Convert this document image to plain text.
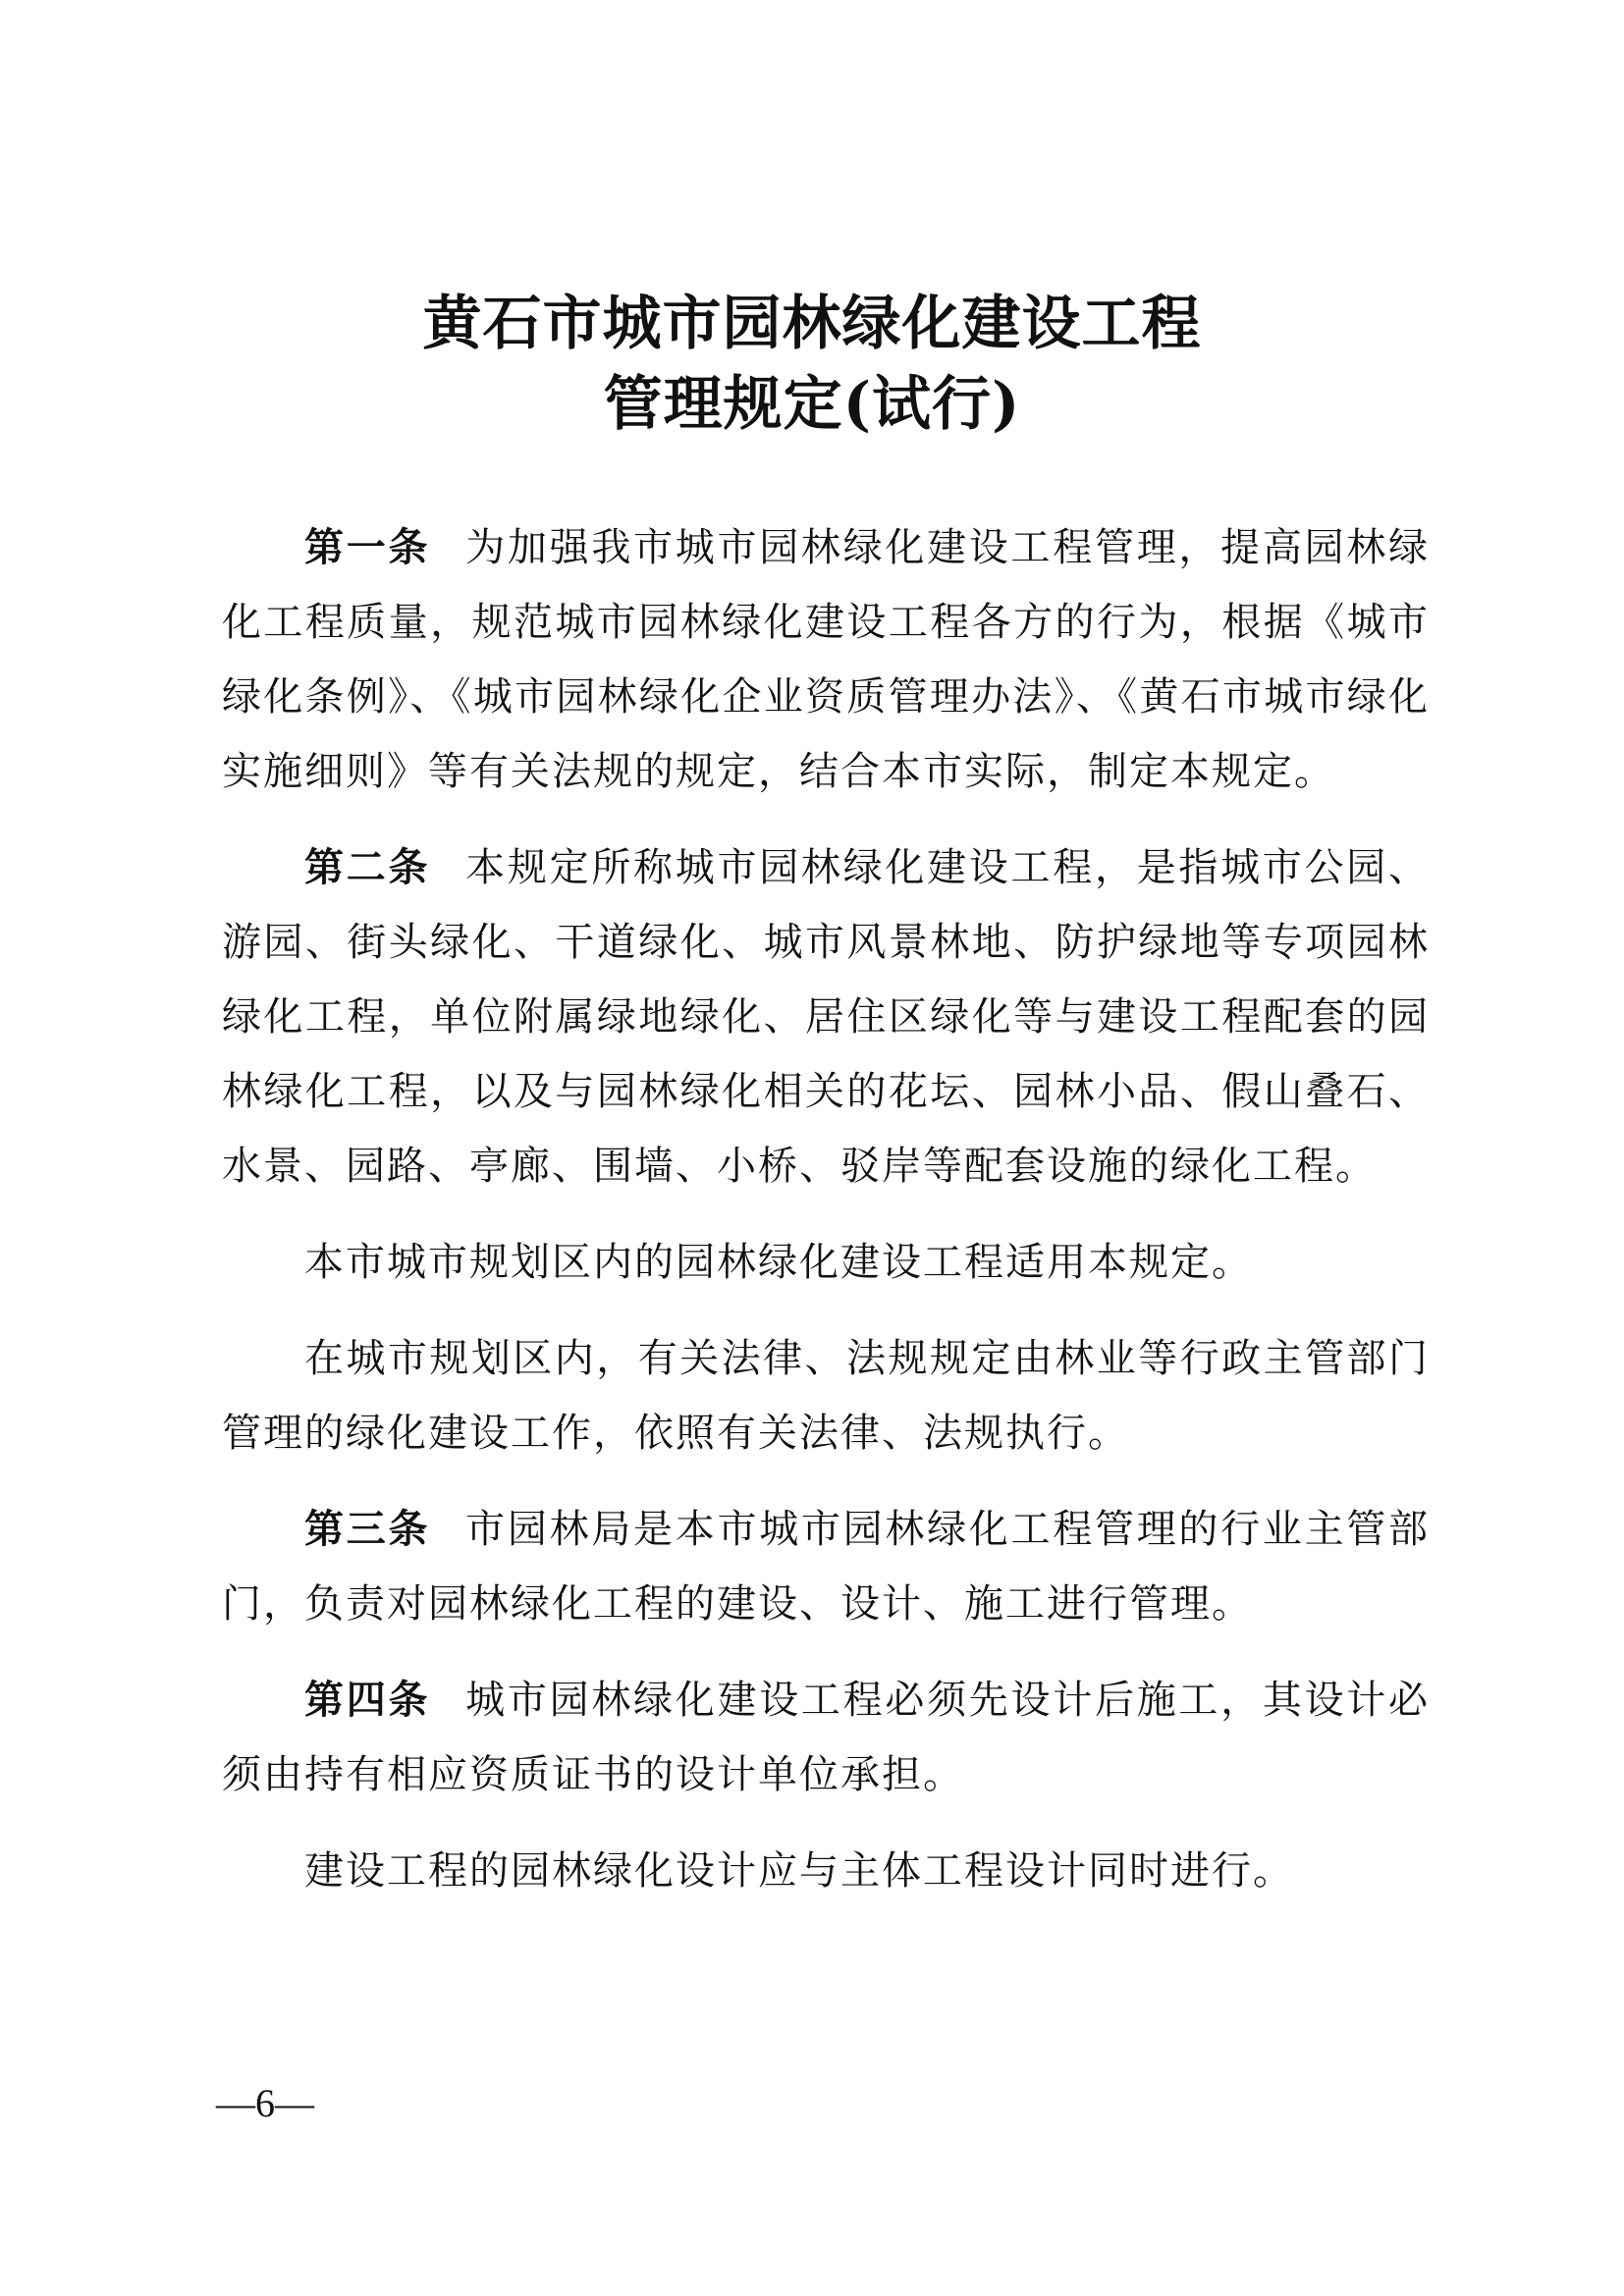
黄石市城市园林绿化建设工程
管理规定(试行)

第一条 为加强我市城市园林绿化建设工程管理，提高园林绿化工程质量，规范城市园林绿化建设工程各方的行为，根据《城市绿化条例》、《城市园林绿化企业资质管理办法》、《黄石市城市绿化实施细则》等有关法规的规定，结合本市实际，制定本规定。

第二条 本规定所称城市园林绿化建设工程，是指城市公园、游园、街头绿化、干道绿化、城市风景林地、防护绿地等专项园林绿化工程，单位附属绿地绿化、居住区绿化等与建设工程配套的园林绿化工程，以及与园林绿化相关的花坛、园林小品、假山叠石、水景、园路、亭廊、围墙、小桥、驳岸等配套设施的绿化工程。

本市城市规划区内的园林绿化建设工程适用本规定。

在城市规划区内，有关法律、法规规定由林业等行政主管部门管理的绿化建设工作，依照有关法律、法规执行。

第三条 市园林局是本市城市园林绿化工程管理的行业主管部门，负责对园林绿化工程的建设、设计、施工进行管理。

第四条 城市园林绿化建设工程必须先设计后施工，其设计必须由持有相应资质证书的设计单位承担。

建设工程的园林绿化设计应与主体工程设计同时进行。

—6—
